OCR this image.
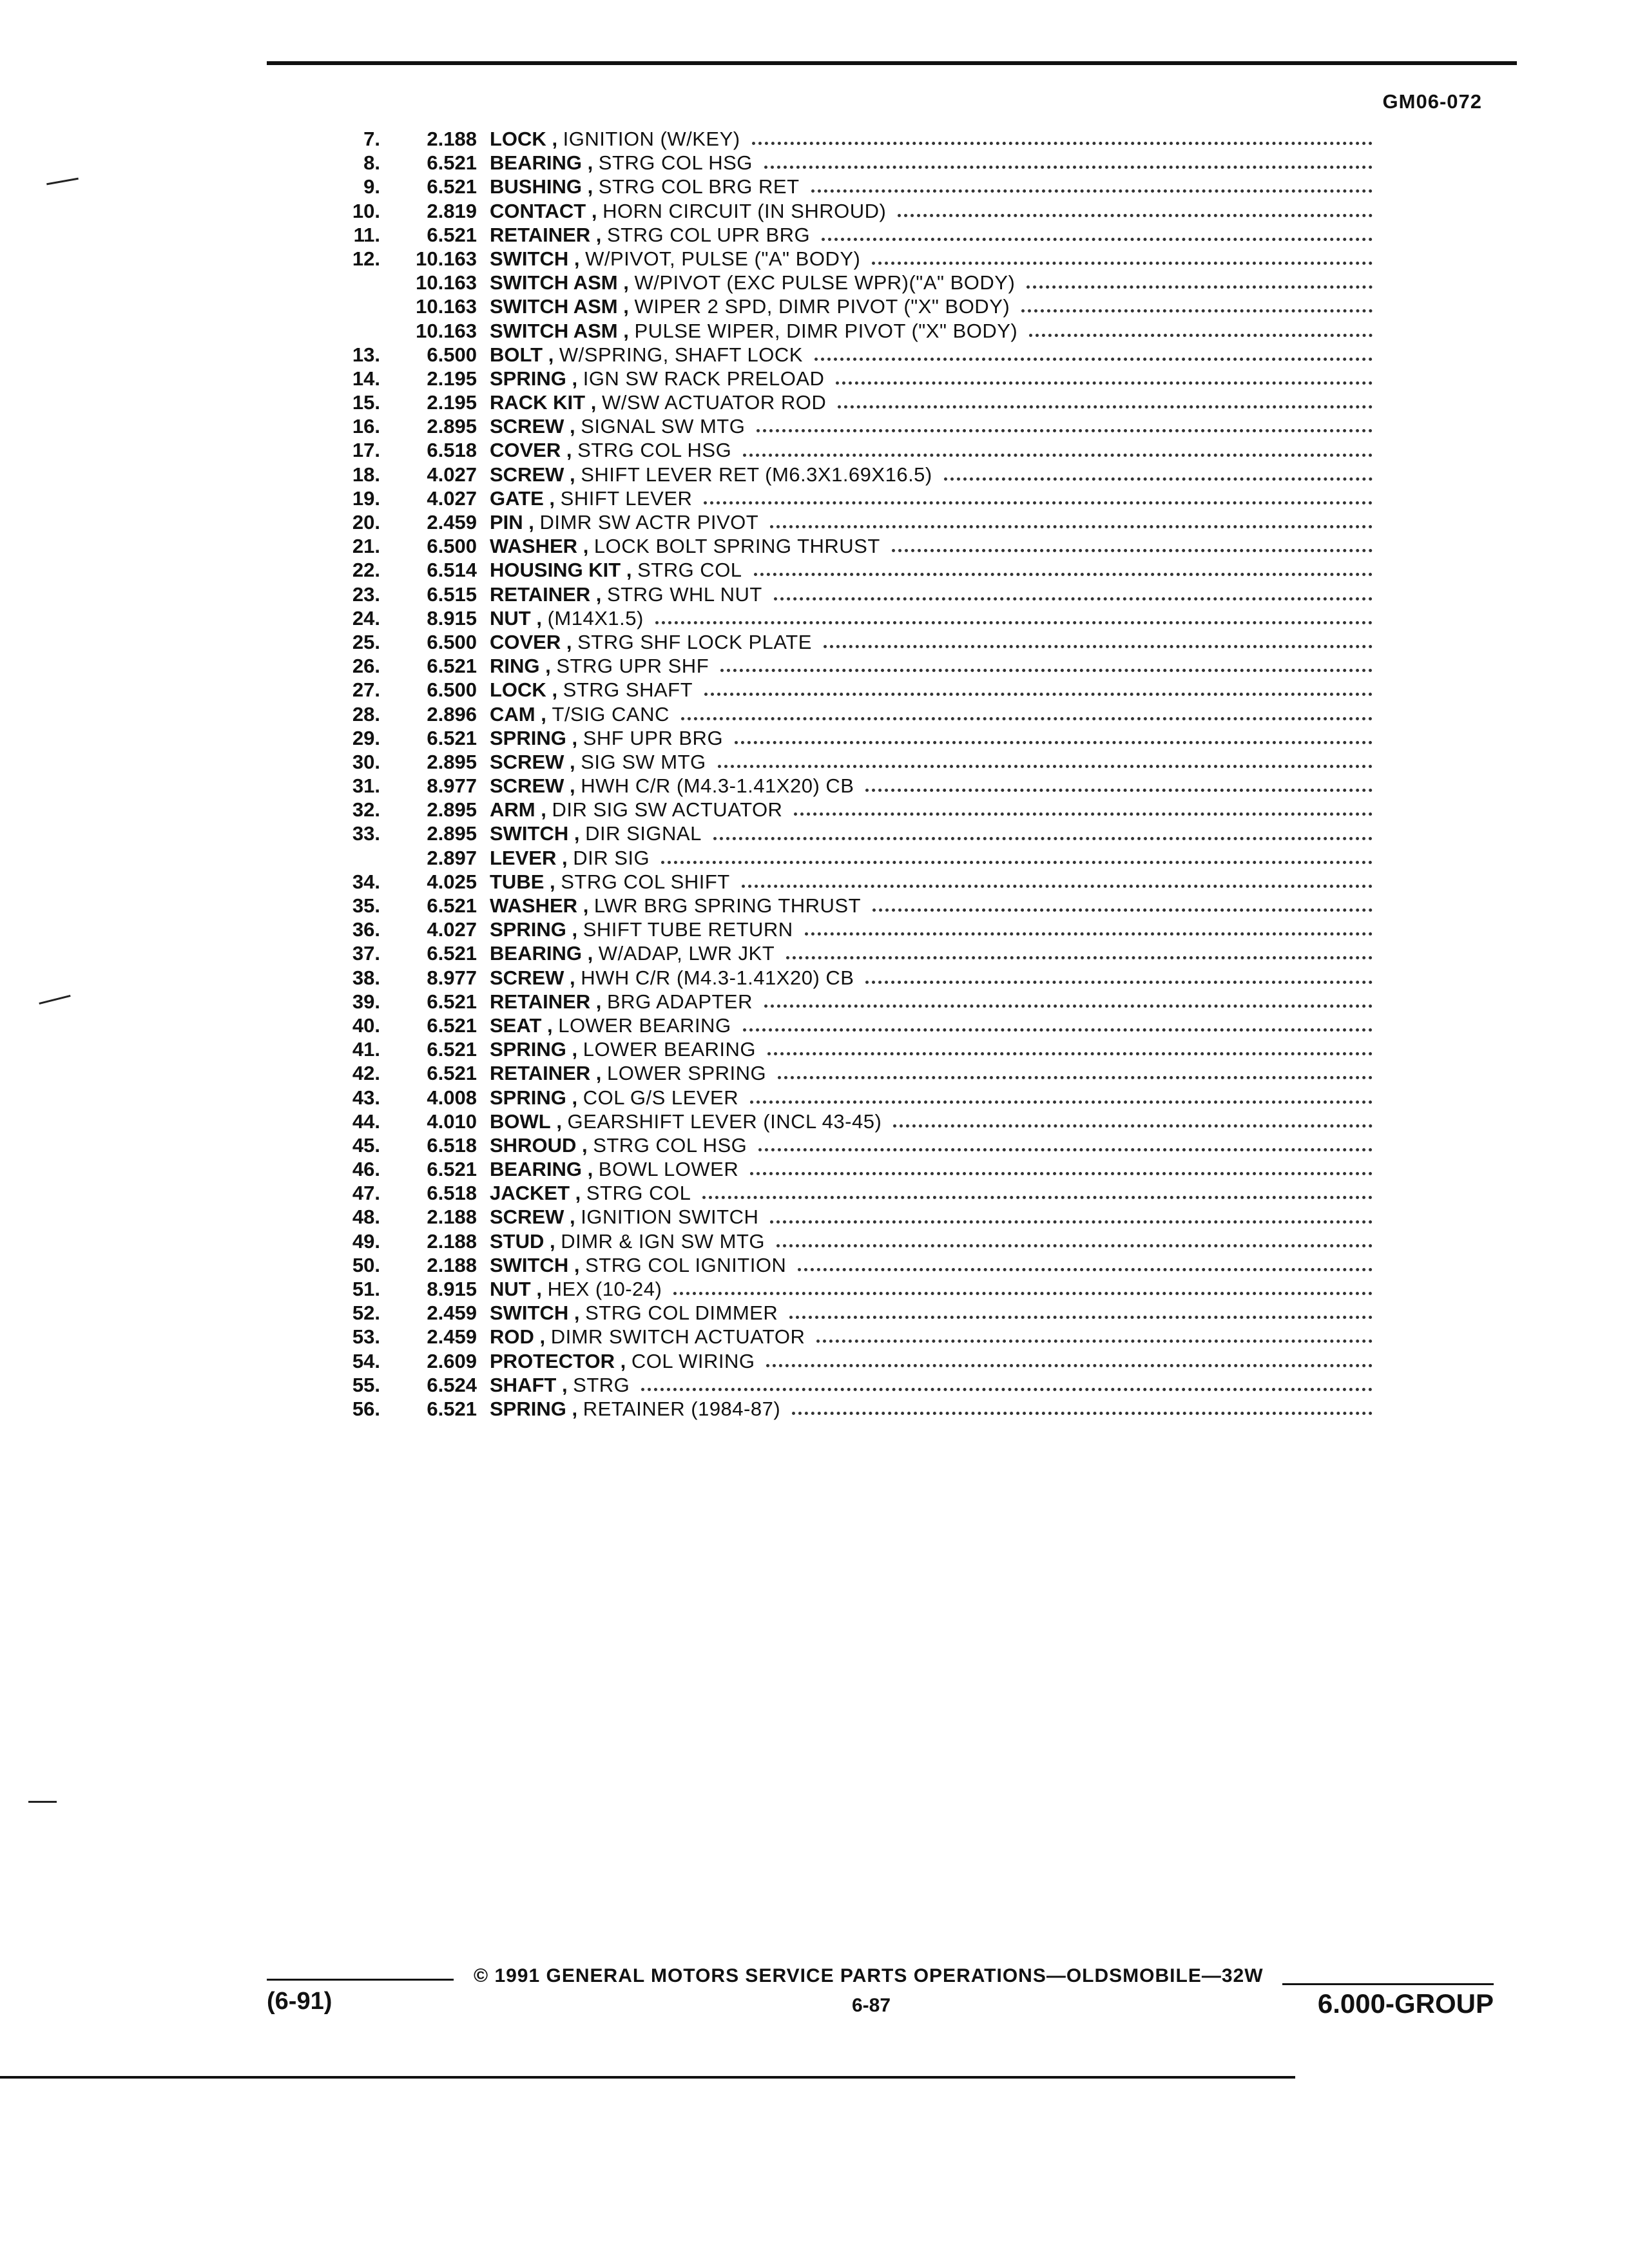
GM06-072
7.	2.188 LOCK , IGNITION (W/KEY)
8.	6.521 BEARING , STRG COL HSG
9.	6.521 BUSHING , STRG COL BRG RET
10.	2.819 CONTACT , HORN CIRCUIT (IN SHROUD)
11.	6.521 RETAINER , STRG COL UPR BRG
12.	10.163 SWITCH , W/PIVOT, PULSE ("A" BODY)
10.163 SWITCH ASM , W/PIVOT (EXC PULSE WPR)("A" BODY)
10.163 SWITCH ASM , WIPER 2 SPD, DIMR PIVOT ("X" BODY)
10.163 SWITCH ASM , PULSE WIPER, DIMR PIVOT ("X" BODY)
13.	6.500 BOLT , W/SPRING, SHAFT LOCK
14.	2.195 SPRING , IGN SW RACK PRELOAD
15.	2.195 RACK KIT , W/SW ACTUATOR ROD
16.	2.895 SCREW , SIGNAL SW MTG
17.	6.518 COVER , STRG COL HSG
18.	4.027 SCREW , SHIFT LEVER RET (M6.3X1.69X16.5)
19.	4.027 GATE , SHIFT LEVER
20.	2.459 PIN , DIMR SW ACTR PIVOT
21.	6.500 WASHER , LOCK BOLT SPRING THRUST
22.	6.514 HOUSING KIT , STRG COL
23.	6.515 RETAINER , STRG WHL NUT
24.	8.915 NUT , (M14X1.5)
25.	6.500 COVER , STRG SHF LOCK PLATE
26.	6.521 RING , STRG UPR SHF
27.	6.500 LOCK , STRG SHAFT
28.	2.896 CAM , T/SIG CANC
29.	6.521 SPRING , SHF UPR BRG
30.	2.895 SCREW , SIG SW MTG
31.	8.977 SCREW , HWH C/R (M4.3-1.41X20) CB
32.	2.895 ARM , DIR SIG SW ACTUATOR
33.	2.895 SWITCH , DIR SIGNAL
2.897 LEVER , DIR SIG
34.	4.025 TUBE , STRG COL SHIFT
35.	6.521 WASHER , LWR BRG SPRING THRUST
36.	4.027 SPRING , SHIFT TUBE RETURN
37.	6.521 BEARING , W/ADAP, LWR JKT
38.	8.977 SCREW , HWH C/R (M4.3-1.41X20) CB
39.	6.521 RETAINER , BRG ADAPTER
40.	6.521 SEAT , LOWER BEARING
41.	6.521 SPRING , LOWER BEARING
42.	6.521 RETAINER , LOWER SPRING
43.	4.008 SPRING , COL G/S LEVER
44.	4.010 BOWL , GEARSHIFT LEVER (INCL 43-45)
45.	6.518 SHROUD , STRG COL HSG
46.	6.521 BEARING , BOWL LOWER
47.	6.518 JACKET , STRG COL
48.	2.188 SCREW , IGNITION SWITCH
49.	2.188 STUD , DIMR & IGN SW MTG
50.	2.188 SWITCH , STRG COL IGNITION
51.	8.915 NUT , HEX (10-24)
52.	2.459 SWITCH , STRG COL DIMMER
53.	2.459 ROD , DIMR SWITCH ACTUATOR
54.	2.609 PROTECTOR , COL WIRING
55.	6.524 SHAFT , STRG
56.	6.521 SPRING , RETAINER (1984-87)
© 1991 GENERAL MOTORS SERVICE PARTS OPERATIONS—OLDSMOBILE—32W
(6-91)	6-87	6.000-GROUP
